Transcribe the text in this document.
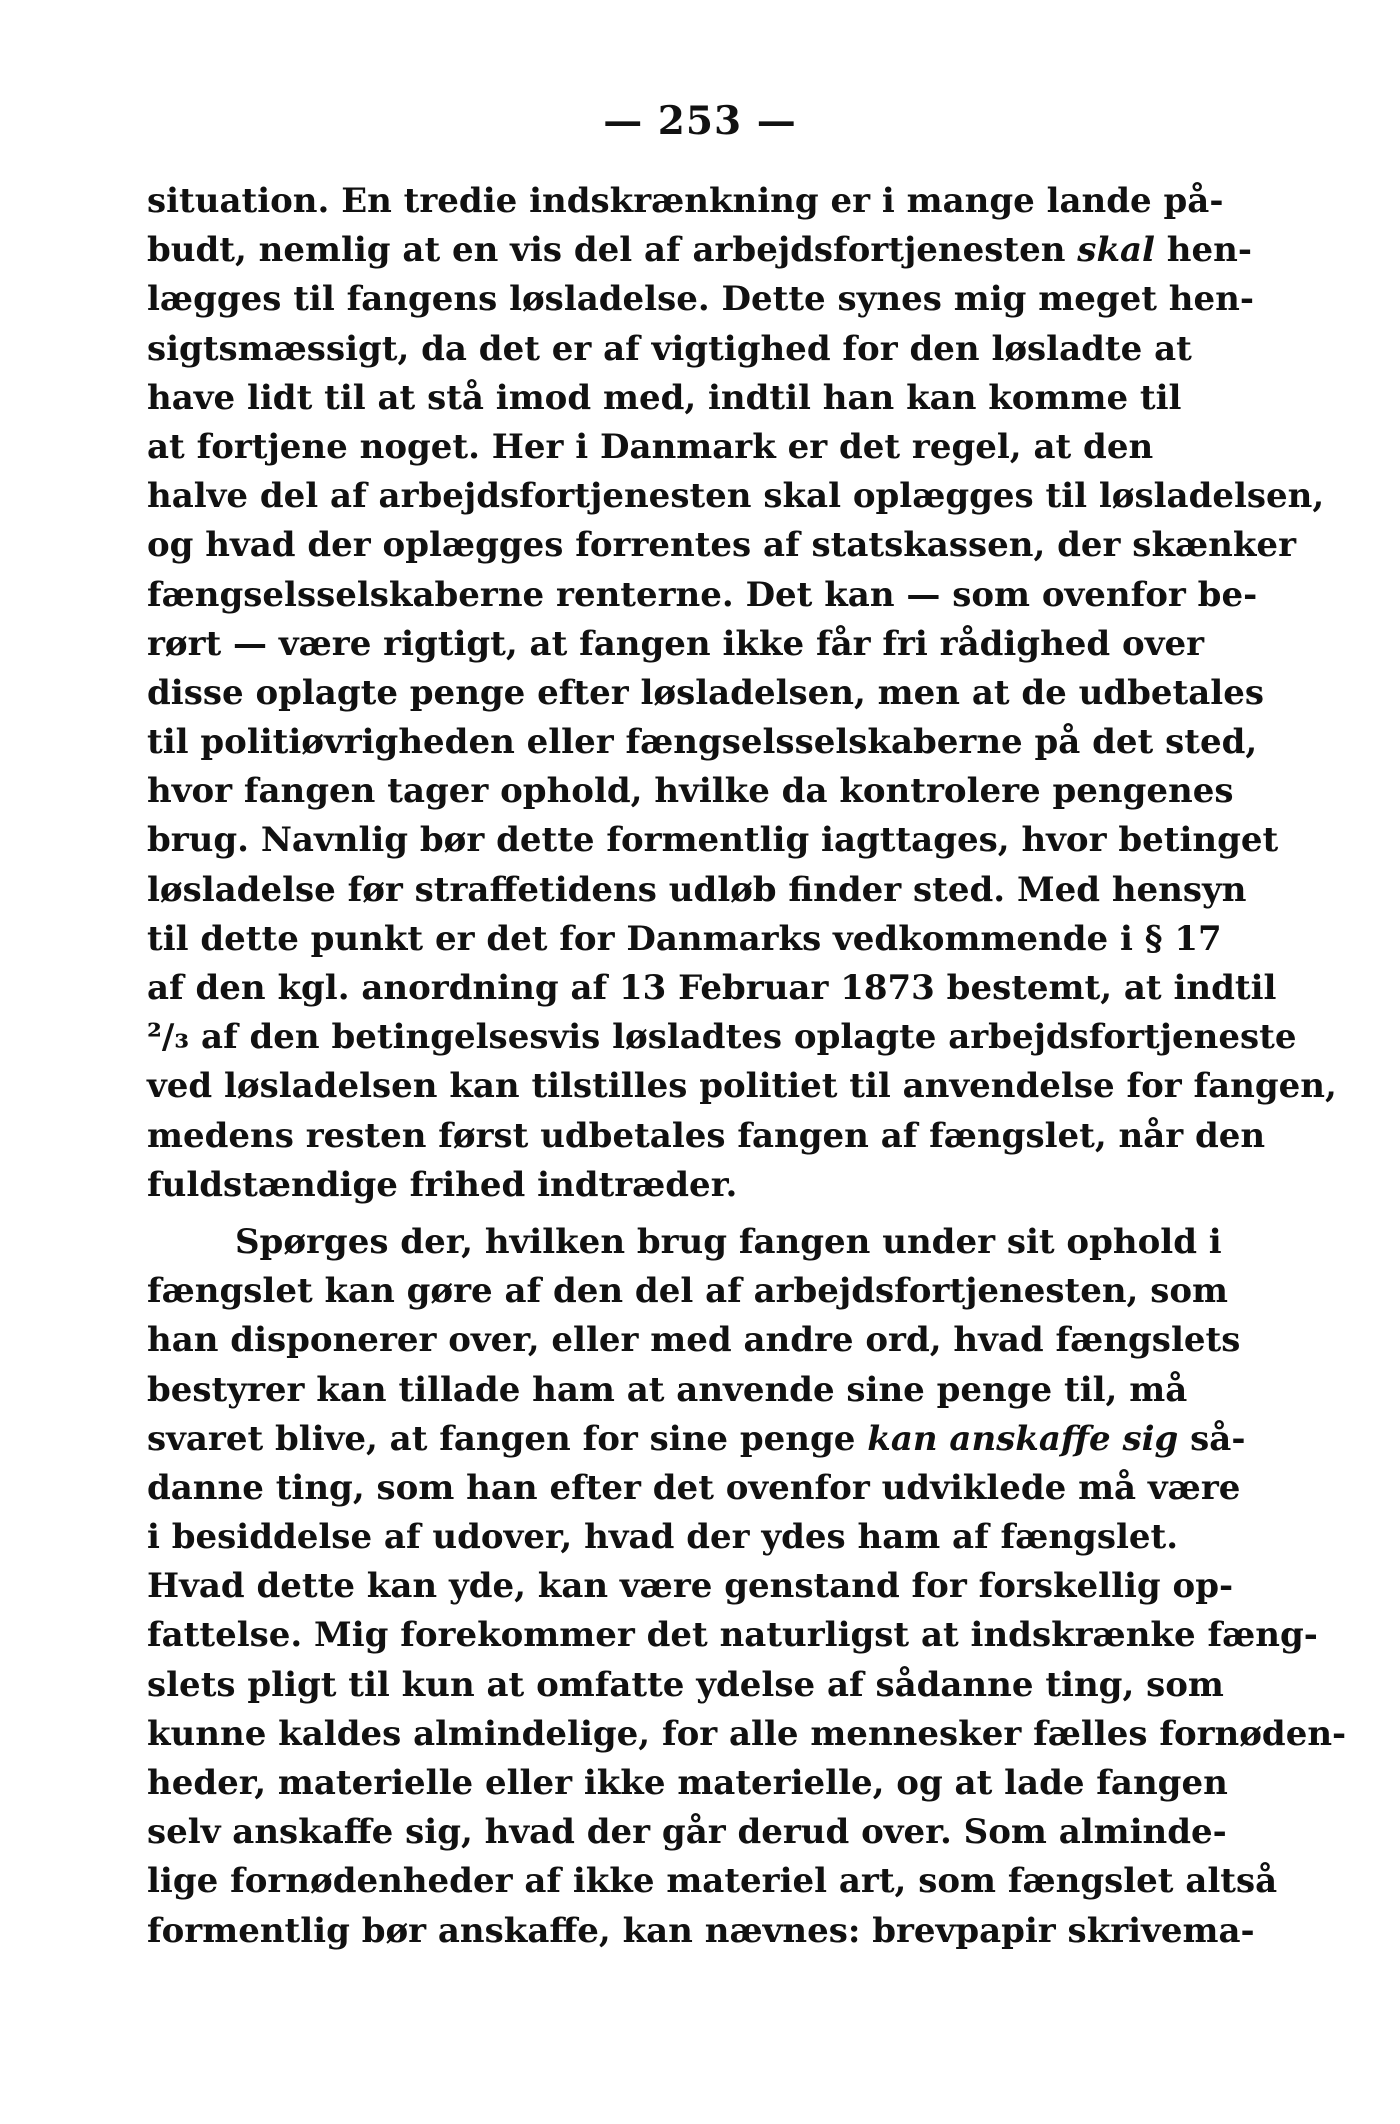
— 253 —
situation. En tredie indskrænkning er i mange lande på-
budt, nemlig at en vis del af arbejdsfortjenesten skal hen-
lægges til fangens løsladelse. Dette synes mig meget hen-
sigtsmæssigt, da det er af vigtighed for den løsladte at
have lidt til at stå imod med, indtil han kan komme til
at fortjene noget. Her i Danmark er det regel, at den
halve del af arbejdsfortjenesten skal oplægges til løsladelsen,
og hvad der oplægges forrentes af statskassen, der skænker
fængselsselskaberne renterne. Det kan — som ovenfor be-
rørt — være rigtigt, at fangen ikke får fri rådighed over
disse oplagte penge efter løsladelsen, men at de udbetales
til politiøvrigheden eller fængselsselskaberne på det sted,
hvor fangen tager ophold, hvilke da kontrolere pengenes
brug. Navnlig bør dette formentlig iagttages, hvor betinget
løsladelse før straffetidens udløb finder sted. Med hensyn
til dette punkt er det for Danmarks vedkommende i § 17
af den kgl. anordning af 13 Februar 1873 bestemt, at indtil
²/₃ af den betingelsesvis løsladtes oplagte arbejdsfortjeneste
ved løsladelsen kan tilstilles politiet til anvendelse for fangen,
medens resten først udbetales fangen af fængslet, når den
fuldstændige frihed indtræder.
Spørges der, hvilken brug fangen under sit ophold i
fængslet kan gøre af den del af arbejdsfortjenesten, som
han disponerer over, eller med andre ord, hvad fængslets
bestyrer kan tillade ham at anvende sine penge til, må
svaret blive, at fangen for sine penge kan anskaffe sig så-
danne ting, som han efter det ovenfor udviklede må være
i besiddelse af udover, hvad der ydes ham af fængslet.
Hvad dette kan yde, kan være genstand for forskellig op-
fattelse. Mig forekommer det naturligst at indskrænke fæng-
slets pligt til kun at omfatte ydelse af sådanne ting, som
kunne kaldes almindelige, for alle mennesker fælles fornøden-
heder, materielle eller ikke materielle, og at lade fangen
selv anskaffe sig, hvad der går derud over. Som alminde-
lige fornødenheder af ikke materiel art, som fængslet altså
formentlig bør anskaffe, kan nævnes: brevpapir skrivema-
